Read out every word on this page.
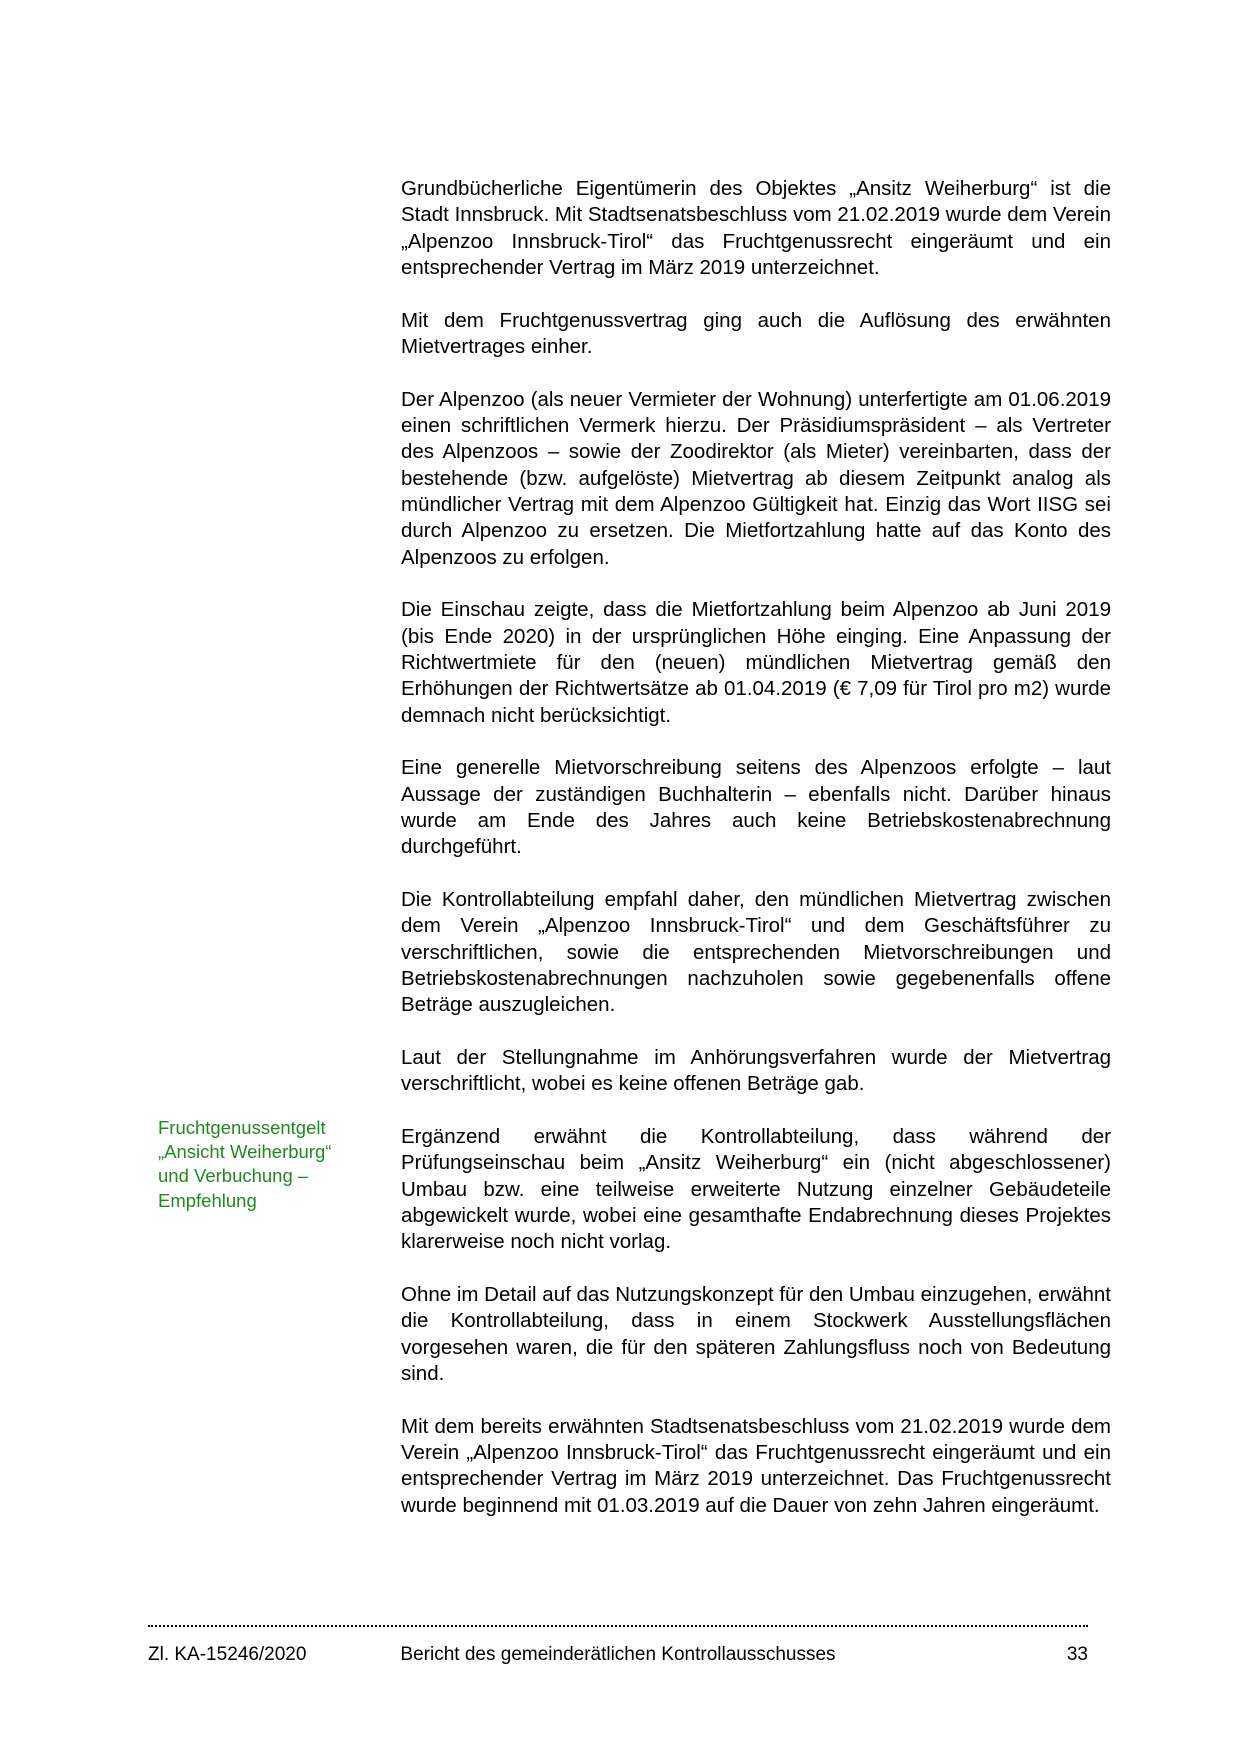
Fruchtgenussentgelt
„Ansicht Weiherburg“
und Verbuchung –
Empfehlung

Grundbücherliche Eigentümerin des Objektes „Ansitz Weiherburg“ ist die Stadt Innsbruck. Mit Stadtsenatsbeschluss vom 21.02.2019 wurde dem Verein „Alpenzoo Innsbruck-Tirol“ das Fruchtgenussrecht eingeräumt und ein entsprechender Vertrag im März 2019 unterzeichnet.

Mit dem Fruchtgenussvertrag ging auch die Auflösung des erwähnten Mietvertrages einher.

Der Alpenzoo (als neuer Vermieter der Wohnung) unterfertigte am 01.06.2019 einen schriftlichen Vermerk hierzu. Der Präsidiumspräsident – als Vertreter des Alpenzoos – sowie der Zoodirektor (als Mieter) vereinbarten, dass der bestehende (bzw. aufgelöste) Mietvertrag ab diesem Zeitpunkt analog als mündlicher Vertrag mit dem Alpenzoo Gültigkeit hat. Einzig das Wort IISG sei durch Alpenzoo zu ersetzen. Die Mietfortzahlung hatte auf das Konto des Alpenzoos zu erfolgen.

Die Einschau zeigte, dass die Mietfortzahlung beim Alpenzoo ab Juni 2019 (bis Ende 2020) in der ursprünglichen Höhe einging. Eine Anpassung der Richtwertmiete für den (neuen) mündlichen Mietvertrag gemäß den Erhöhungen der Richtwertsätze ab 01.04.2019 (€ 7,09 für Tirol pro m2) wurde demnach nicht berücksichtigt.

Eine generelle Mietvorschreibung seitens des Alpenzoos erfolgte – laut Aussage der zuständigen Buchhalterin – ebenfalls nicht. Darüber hinaus wurde am Ende des Jahres auch keine Betriebskostenabrechnung durchgeführt.

Die Kontrollabteilung empfahl daher, den mündlichen Mietvertrag zwischen dem Verein „Alpenzoo Innsbruck-Tirol“ und dem Geschäftsführer zu verschriftlichen, sowie die entsprechenden Mietvorschreibungen und Betriebskostenabrechnungen nachzuholen sowie gegebenenfalls offene Beträge auszugleichen.

Laut der Stellungnahme im Anhörungsverfahren wurde der Mietvertrag verschriftlicht, wobei es keine offenen Beträge gab.

Ergänzend erwähnt die Kontrollabteilung, dass während der Prüfungseinschau beim „Ansitz Weiherburg“ ein (nicht abgeschlossener) Umbau bzw. eine teilweise erweiterte Nutzung einzelner Gebäudeteile abgewickelt wurde, wobei eine gesamthafte Endabrechnung dieses Projektes klarerweise noch nicht vorlag.

Ohne im Detail auf das Nutzungskonzept für den Umbau einzugehen, erwähnt die Kontrollabteilung, dass in einem Stockwerk Ausstellungsflächen vorgesehen waren, die für den späteren Zahlungsfluss noch von Bedeutung sind.

Mit dem bereits erwähnten Stadtsenatsbeschluss vom 21.02.2019 wurde dem Verein „Alpenzoo Innsbruck-Tirol“ das Fruchtgenussrecht eingeräumt und ein entsprechender Vertrag im März 2019 unterzeichnet. Das Fruchtgenussrecht wurde beginnend mit 01.03.2019 auf die Dauer von zehn Jahren eingeräumt.

Zl. KA-15246/2020	Bericht des gemeinderätlichen Kontrollausschusses	33
